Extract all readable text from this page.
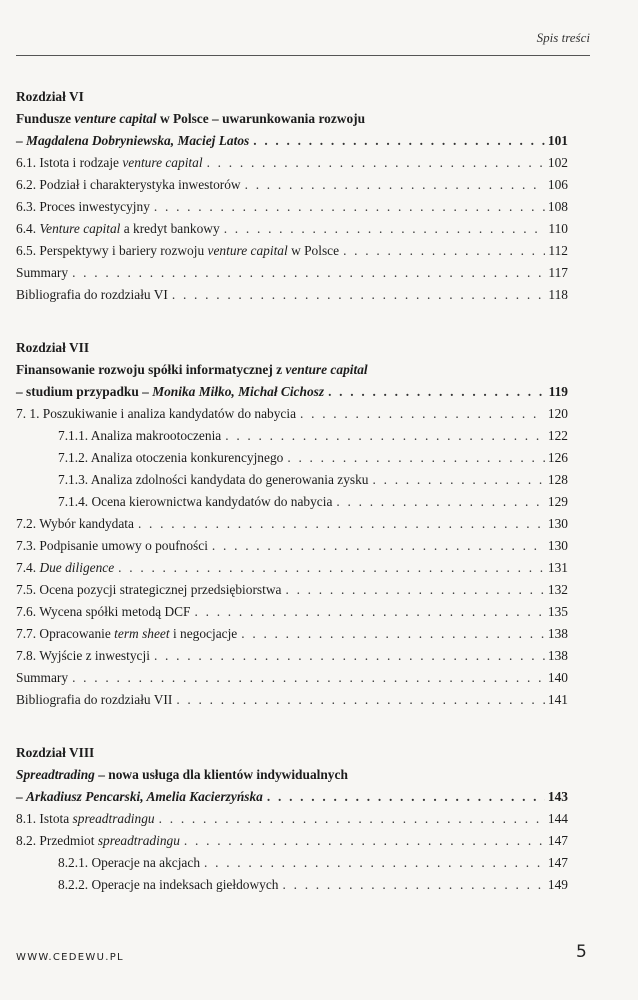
Spis treści
Rozdział VI
Fundusze venture capital w Polsce – uwarunkowania rozwoju
– Magdalena Dobryniewska, Maciej Latos . . .	101
6.1. Istota i rodzaje venture capital . . .	102
6.2. Podział i charakterystyka inwestorów . . .	106
6.3. Proces inwestycyjny . . .	108
6.4. Venture capital a kredyt bankowy . . .	110
6.5. Perspektywy i bariery rozwoju venture capital w Polsce . . .	112
Summary . . .	117
Bibliografia do rozdziału VI . . .	118
Rozdział VII
Finansowanie rozwoju spółki informatycznej z venture capital
– studium przypadku – Monika Miłko, Michał Cichosz . . .	119
7. 1. Poszukiwanie i analiza kandydatów do nabycia . . .	120
7.1.1. Analiza makrootoczenia . . .	122
7.1.2. Analiza otoczenia konkurencyjnego . . .	126
7.1.3. Analiza zdolności kandydata do generowania zysku . . .	128
7.1.4. Ocena kierownictwa kandydatów do nabycia . . .	129
7.2. Wybór kandydata . . .	130
7.3. Podpisanie umowy o poufności . . .	130
7.4. Due diligence . . .	131
7.5. Ocena pozycji strategicznej przedsiębiorstwa . . .	132
7.6. Wycena spółki metodą DCF . . .	135
7.7. Opracowanie term sheet i negocjacje . . .	138
7.8. Wyjście z inwestycji . . .	138
Summary . . .	140
Bibliografia do rozdziału VII . . .	141
Rozdział VIII
Spreadtrading – nowa usługa dla klientów indywidualnych
– Arkadiusz Pencarski, Amelia Kacierzyńska . . .	143
8.1. Istota spreadtradingu . . .	144
8.2. Przedmiot spreadtradingu . . .	147
8.2.1. Operacje na akcjach . . .	147
8.2.2. Operacje na indeksach giełdowych . . .	149
WWW.CEDEWU.PL	5
